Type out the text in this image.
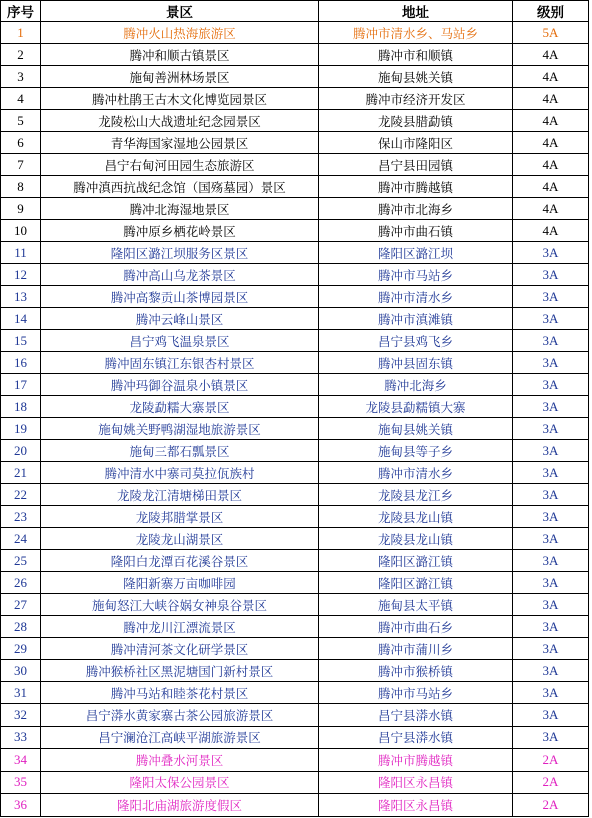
序号	景区	地址	级别
1	腾冲火山热海旅游区	腾冲市清水乡、马站乡	5A
2	腾冲和顺古镇景区	腾冲市和顺镇	4A
3	施甸善洲林场景区	施甸县姚关镇	4A
4	腾冲杜鹃王古木文化博览园景区	腾冲市经济开发区	4A
5	龙陵松山大战遗址纪念园景区	龙陵县腊勐镇	4A
6	青华海国家湿地公园景区	保山市隆阳区	4A
7	昌宁右甸河田园生态旅游区	昌宁县田园镇	4A
8	腾冲滇西抗战纪念馆（国殇墓园）景区	腾冲市腾越镇	4A
9	腾冲北海湿地景区	腾冲市北海乡	4A
10	腾冲原乡栖花岭景区	腾冲市曲石镇	4A
11	隆阳区潞江坝服务区景区	隆阳区潞江坝	3A
12	腾冲高山乌龙茶景区	腾冲市马站乡	3A
13	腾冲高黎贡山茶博园景区	腾冲市清水乡	3A
14	腾冲云峰山景区	腾冲市滇滩镇	3A
15	昌宁鸡飞温泉景区	昌宁县鸡飞乡	3A
16	腾冲固东镇江东银杏村景区	腾冲县固东镇	3A
17	腾冲玛御谷温泉小镇景区	腾冲北海乡	3A
18	龙陵勐糯大寨景区	龙陵县勐糯镇大寨	3A
19	施甸姚关野鸭湖湿地旅游景区	施甸县姚关镇	3A
20	施甸三都石瓢景区	施甸县等子乡	3A
21	腾冲清水中寨司莫拉佤族村	腾冲市清水乡	3A
22	龙陵龙江清塘梯田景区	龙陵县龙江乡	3A
23	龙陵邦腊掌景区	龙陵县龙山镇	3A
24	龙陵龙山湖景区	龙陵县龙山镇	3A
25	隆阳白龙潭百花溪谷景区	隆阳区潞江镇	3A
26	隆阳新寨万亩咖啡园	隆阳区潞江镇	3A
27	施甸怒江大峡谷娲女神泉谷景区	施甸县太平镇	3A
28	腾冲龙川江漂流景区	腾冲市曲石乡	3A
29	腾冲清河茶文化研学景区	腾冲市蒲川乡	3A
30	腾冲猴桥社区黑泥塘国门新村景区	腾冲市猴桥镇	3A
31	腾冲马站和睦茶花村景区	腾冲市马站乡	3A
32	昌宁漭水黄家寨古茶公园旅游景区	昌宁县漭水镇	3A
33	昌宁澜沧江高峡平湖旅游景区	昌宁县漭水镇	3A
34	腾冲叠水河景区	腾冲市腾越镇	2A
35	隆阳太保公园景区	隆阳区永昌镇	2A
36	隆阳北庙湖旅游度假区	隆阳区永昌镇	2A
